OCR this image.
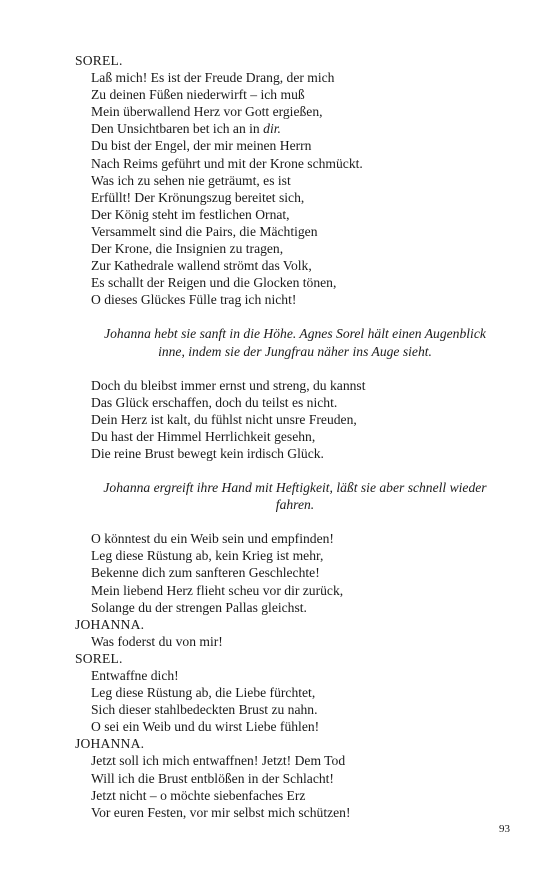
SOREL.
Laß mich! Es ist der Freude Drang, der mich
Zu deinen Füßen niederwirft – ich muß
Mein überwallend Herz vor Gott ergießen,
Den Unsichtbaren bet ich an in dir.
Du bist der Engel, der mir meinen Herrn
Nach Reims geführt und mit der Krone schmückt.
Was ich zu sehen nie geträumt, es ist
Erfüllt! Der Krönungszug bereitet sich,
Der König steht im festlichen Ornat,
Versammelt sind die Pairs, die Mächtigen
Der Krone, die Insignien zu tragen,
Zur Kathedrale wallend strömt das Volk,
Es schallt der Reigen und die Glocken tönen,
O dieses Glückes Fülle trag ich nicht!
Johanna hebt sie sanft in die Höhe. Agnes Sorel hält einen Augenblick
inne, indem sie der Jungfrau näher ins Auge sieht.
Doch du bleibst immer ernst und streng, du kannst
Das Glück erschaffen, doch du teilst es nicht.
Dein Herz ist kalt, du fühlst nicht unsre Freuden,
Du hast der Himmel Herrlichkeit gesehn,
Die reine Brust bewegt kein irdisch Glück.
Johanna ergreift ihre Hand mit Heftigkeit, läßt sie aber schnell wieder
fahren.
O könntest du ein Weib sein und empfinden!
Leg diese Rüstung ab, kein Krieg ist mehr,
Bekenne dich zum sanfteren Geschlechte!
Mein liebend Herz flieht scheu vor dir zurück,
Solange du der strengen Pallas gleichst.
JOHANNA.
Was foderst du von mir!
SOREL.
Entwaffne dich!
Leg diese Rüstung ab, die Liebe fürchtet,
Sich dieser stahlbedeckten Brust zu nahn.
O sei ein Weib und du wirst Liebe fühlen!
JOHANNA.
Jetzt soll ich mich entwaffnen! Jetzt! Dem Tod
Will ich die Brust entblößen in der Schlacht!
Jetzt nicht – o möchte siebenfaches Erz
Vor euren Festen, vor mir selbst mich schützen!
93
